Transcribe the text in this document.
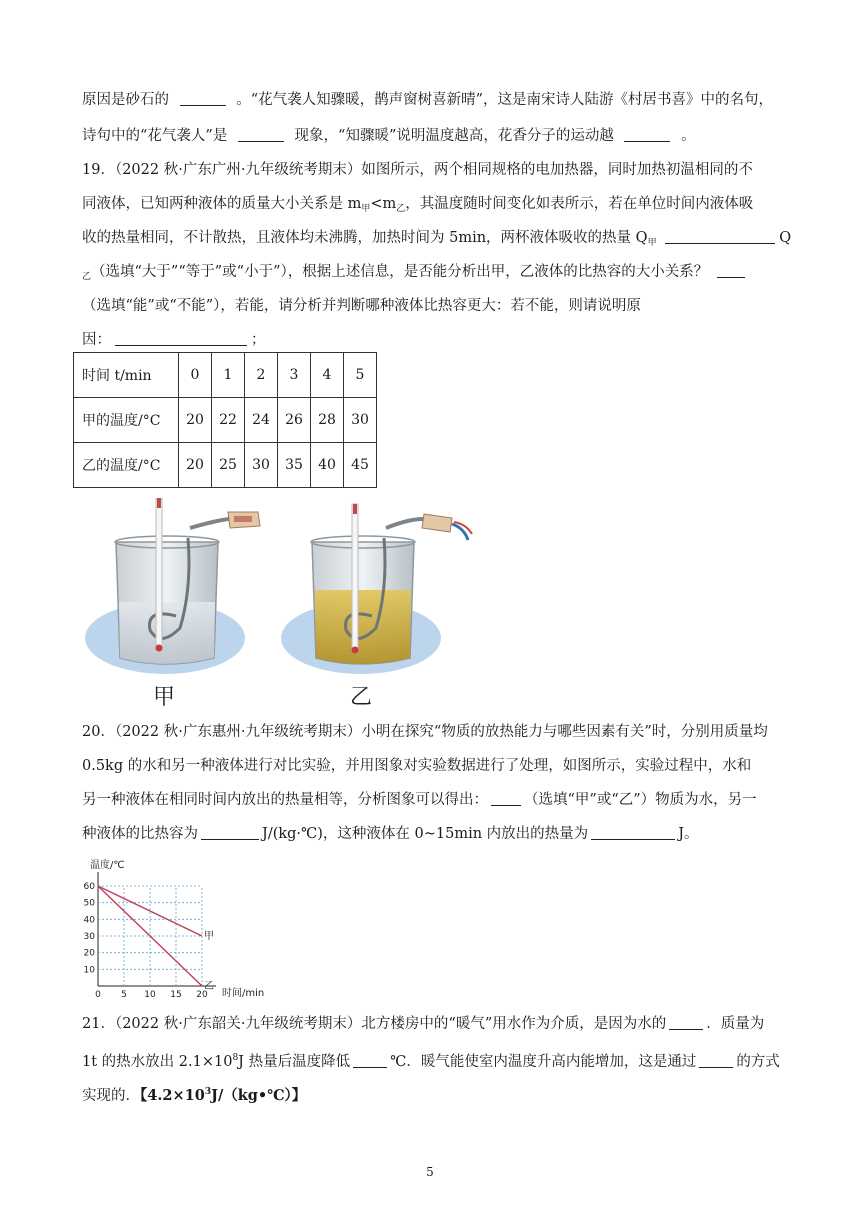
原因是砂石的	。“花气袭人知骤暖，鹊声窗树喜新晴”，这是南宋诗人陆游《村居书喜》中的名句，
诗句中的“花气袭人”是	现象，“知骤暖”说明温度越高，花香分子的运动越	。
19．（2022 秋·广东广州·九年级统考期末）如图所示，两个相同规格的电加热器，同时加热初温相同的不
同液体，已知两种液体的质量大小关系是 $m_甲<m_乙$，其温度随时间变化如表所示，若在单位时间内液体吸
收的热量相同，不计散热，且液体均未沸腾，加热时间为 5min，两杯液体吸收的热量 $Q_甲$	Q
$_乙$（选填“大于”“等于”或“小于”），根据上述信息，是否能分析出甲，乙液体的比热容的大小关系？
（选填“能”或“不能”），若能，请分析并判断哪种液体比热容更大：若不能，则请说明原
因：	；
时间 t/min	0	1	2	3	4	5
甲的温度/°C	20	22	24	26	28	30
乙的温度/°C	20	25	30	35	40	45
甲	乙
20．（2022 秋·广东惠州·九年级统考期末）小明在探究“物质的放热能力与哪些因素有关”时，分别用质量均
0.5kg 的水和另一种液体进行对比实验，并用图象对实验数据进行了处理，如图所示，实验过程中，水和
另一种液体在相同时间内放出的热量相等，分析图象可以得出： （选填“甲”或“乙”）物质为水，另一
种液体的比热容为	J/(kg·℃)，这种液体在 0~15min 内放出的热量为	J。
温度/℃
时间/min
0 5 10 15 20
10
20
30
40
50
60
甲
乙
21．（2022 秋·广东韶关·九年级统考期末）北方楼房中的“暖气”用水作为介质，是因为水的	．质量为
1t 的热水放出 $2.1\times 10^8J$ 热量后温度降低	℃．暖气能使室内温度升高内能增加，这是通过	的方式
实现的．【$4.2\times 10^3J/(kg•℃)$】
5
